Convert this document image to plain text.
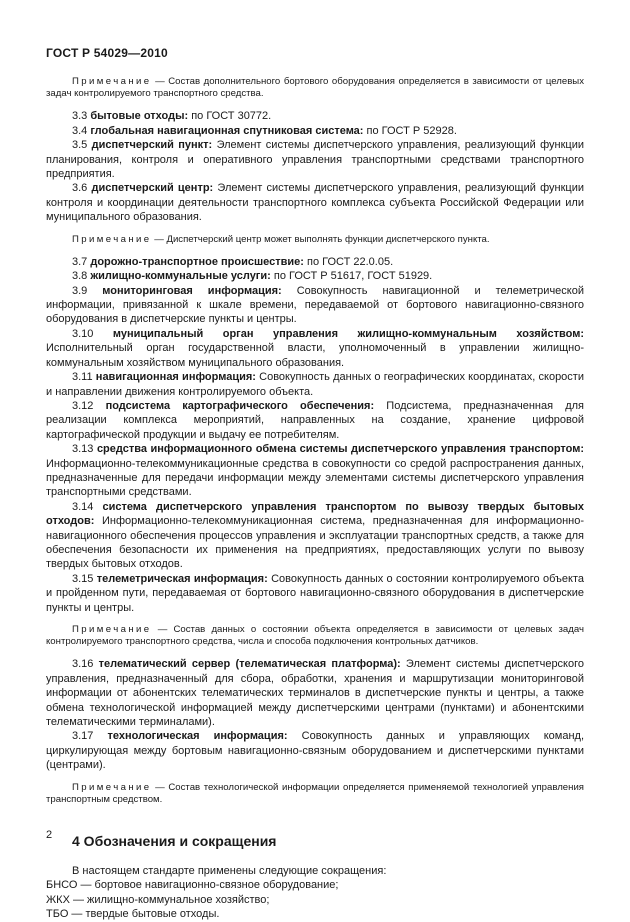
ГОСТ Р 54029—2010

Примечание — Состав дополнительного бортового оборудования определяется в зависимости от целевых задач контролируемого транспортного средства.

3.3 бытовые отходы: по ГОСТ 30772.

3.4 глобальная навигационная спутниковая система: по ГОСТ Р 52928.

3.5 диспетчерский пункт: Элемент системы диспетчерского управления, реализующий функции планирования, контроля и оперативного управления транспортными средствами транспортного предприятия.

3.6 диспетчерский центр: Элемент системы диспетчерского управления, реализующий функции контроля и координации деятельности транспортного комплекса субъекта Российской Федерации или муниципального образования.

Примечание — Диспетчерский центр может выполнять функции диспетчерского пункта.

3.7 дорожно-транспортное происшествие: по ГОСТ 22.0.05.

3.8 жилищно-коммунальные услуги: по ГОСТ Р 51617, ГОСТ 51929.

3.9 мониторинговая информация: Совокупность навигационной и телеметрической информации, привязанной к шкале времени, передаваемой от бортового навигационно-связного оборудования в диспетчерские пункты и центры.

3.10 муниципальный орган управления жилищно-коммунальным хозяйством: Исполнительный орган государственной власти, уполномоченный в управлении жилищно-коммунальным хозяйством муниципального образования.

3.11 навигационная информация: Совокупность данных о географических координатах, скорости и направлении движения контролируемого объекта.

3.12 подсистема картографического обеспечения: Подсистема, предназначенная для реализации комплекса мероприятий, направленных на создание, хранение цифровой картографической продукции и выдачу ее потребителям.

3.13 средства информационного обмена системы диспетчерского управления транспортом: Информационно-телекоммуникационные средства в совокупности со средой распространения данных, предназначенные для передачи информации между элементами системы диспетчерского управления транспортными средствами.

3.14 система диспетчерского управления транспортом по вывозу твердых бытовых отходов: Информационно-телекоммуникационная система, предназначенная для информационно-навигационного обеспечения процессов управления и эксплуатации транспортных средств, а также для обеспечения безопасности их применения на предприятиях, предоставляющих услуги по вывозу твердых бытовых отходов.

3.15 телеметрическая информация: Совокупность данных о состоянии контролируемого объекта и пройденном пути, передаваемая от бортового навигационно-связного оборудования в диспетчерские пункты и центры.

Примечание — Состав данных о состоянии объекта определяется в зависимости от целевых задач контролируемого транспортного средства, числа и способа подключения контрольных датчиков.

3.16 телематический сервер (телематическая платформа): Элемент системы диспетчерского управления, предназначенный для сбора, обработки, хранения и маршрутизации мониторинговой информации от абонентских телематических терминалов в диспетчерские пункты и центры, а также обмена технологической информацией между диспетчерскими центрами (пунктами) и абонентскими телематическими терминалами).

3.17 технологическая информация: Совокупность данных и управляющих команд, циркулирующая между бортовым навигационно-связным оборудованием и диспетчерскими пунктами (центрами).

Примечание — Состав технологической информации определяется применяемой технологией управления транспортным средством.

4 Обозначения и сокращения

В настоящем стандарте применены следующие сокращения:

БНСО — бортовое навигационно-связное оборудование;

ЖКХ — жилищно-коммунальное хозяйство;

ТБО — твердые бытовые отходы.

2
